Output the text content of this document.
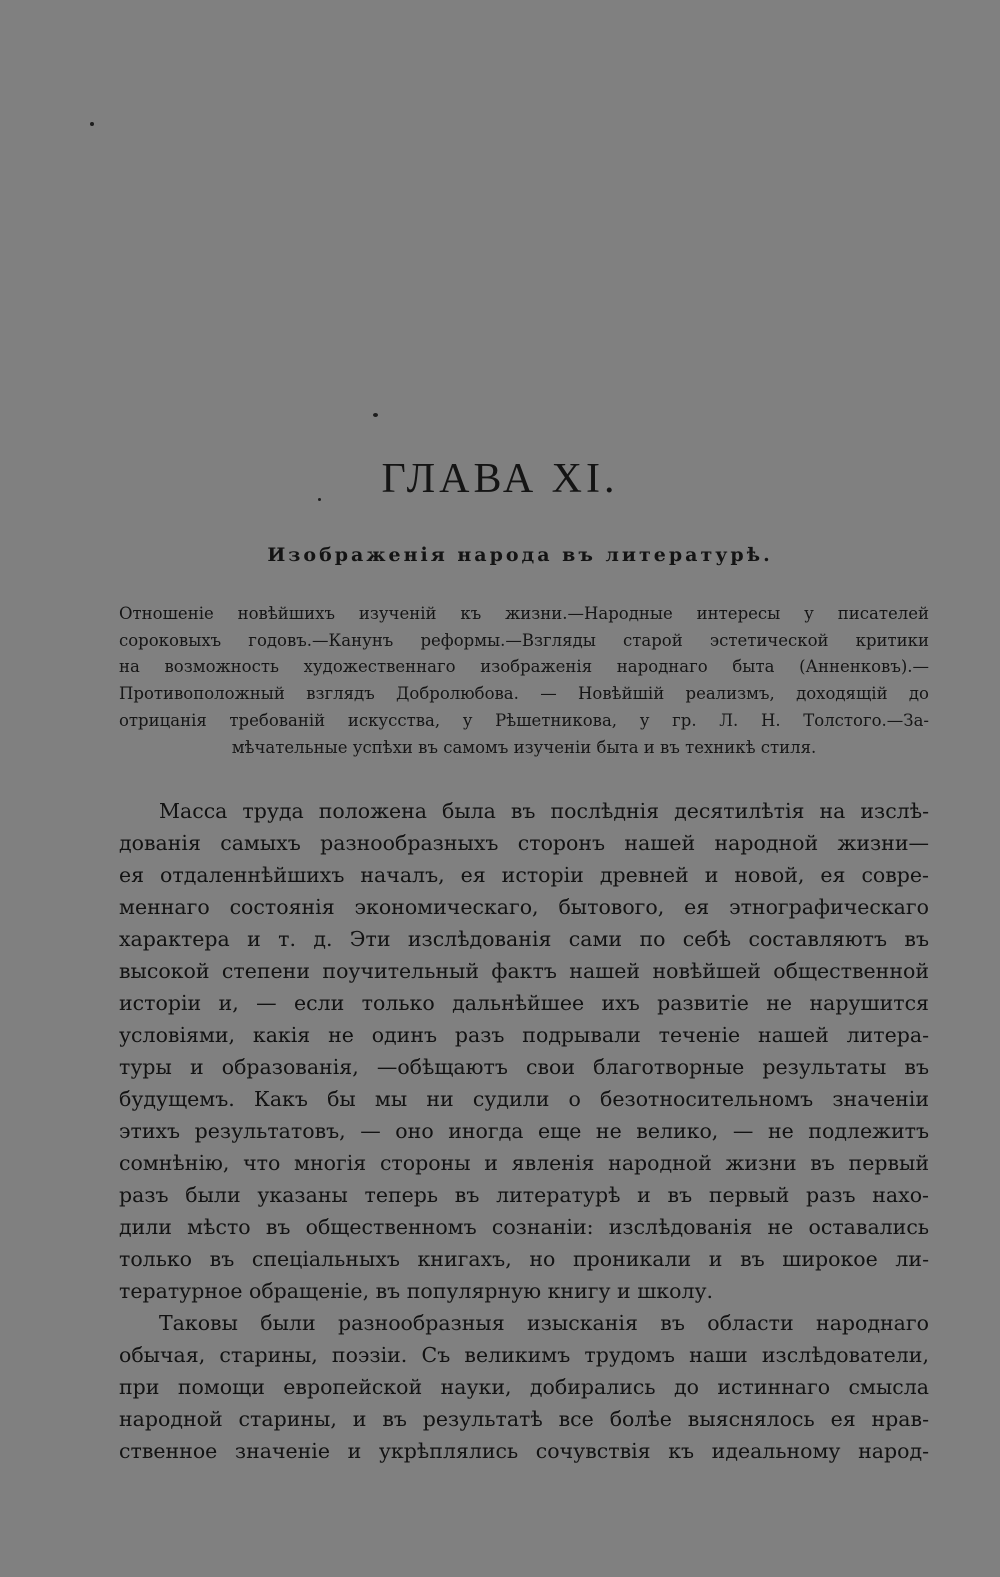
ГЛАВА XI.
Изображенія народа въ литературѣ.
Отношеніе новѣйшихъ изученій къ жизни.—Народные интересы у писателей
сороковыхъ годовъ.—Канунъ реформы.—Взгляды старой эстетической критики
на возможность художественнаго изображенія народнаго быта (Анненковъ).—
Противоположный взглядъ Добролюбова. — Новѣйшій реализмъ, доходящій до
отрицанія требованій искусства, у Рѣшетникова, у гр. Л. Н. Толстого.—За-
мѣчательные успѣхи въ самомъ изученіи быта и въ техникѣ стиля.
Масса труда положена была въ послѣднія десятилѣтія на изслѣ-
дованія самыхъ разнообразныхъ сторонъ нашей народной жизни—
ея отдаленнѣйшихъ началъ, ея исторіи древней и новой, ея совре-
меннаго состоянія экономическаго, бытового, ея этнографическаго
характера и т. д. Эти изслѣдованія сами по себѣ составляютъ въ
высокой степени поучительный фактъ нашей новѣйшей общественной
исторіи и, — если только дальнѣйшее ихъ развитіе не нарушится
условіями, какія не одинъ разъ подрывали теченіе нашей литера-
туры и образованія, —обѣщаютъ свои благотворные результаты въ
будущемъ. Какъ бы мы ни судили о безотносительномъ значеніи
этихъ результатовъ, — оно иногда еще не велико, — не подлежитъ
сомнѣнію, что многія стороны и явленія народной жизни въ первый
разъ были указаны теперь въ литературѣ и въ первый разъ нахо-
дили мѣсто въ общественномъ сознаніи: изслѣдованія не оставались
только въ спеціальныхъ книгахъ, но проникали и въ широкое ли-
тературное обращеніе, въ популярную книгу и школу.
Таковы были разнообразныя изысканія въ области народнаго
обычая, старины, поэзіи. Съ великимъ трудомъ наши изслѣдователи,
при помощи европейской науки, добирались до истиннаго смысла
народной старины, и въ результатѣ все болѣе выяснялось ея нрав-
ственное значеніе и укрѣплялись сочувствія къ идеальному народ-
